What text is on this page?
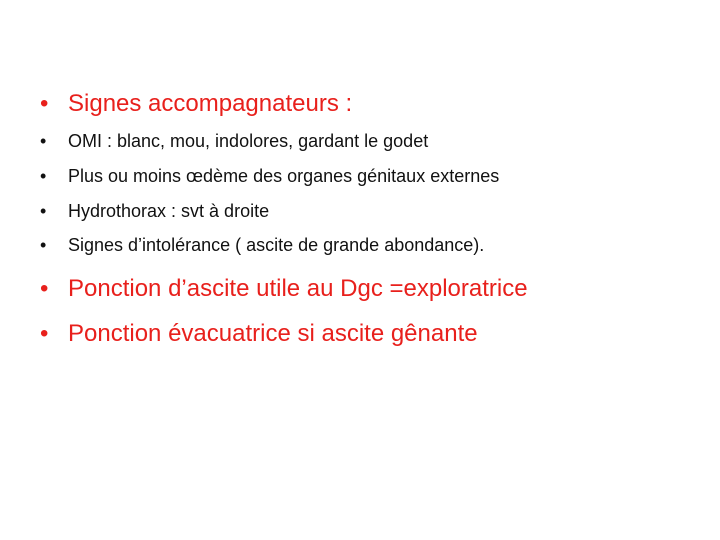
• Signes accompagnateurs :
•	OMI : blanc, mou, indolores, gardant le godet
•	Plus ou moins œdème des organes génitaux externes
•	Hydrothorax : svt à droite
•	Signes d’intolérance ( ascite de grande abondance).
• Ponction d’ascite utile au Dgc =exploratrice
• Ponction évacuatrice si ascite gênante
